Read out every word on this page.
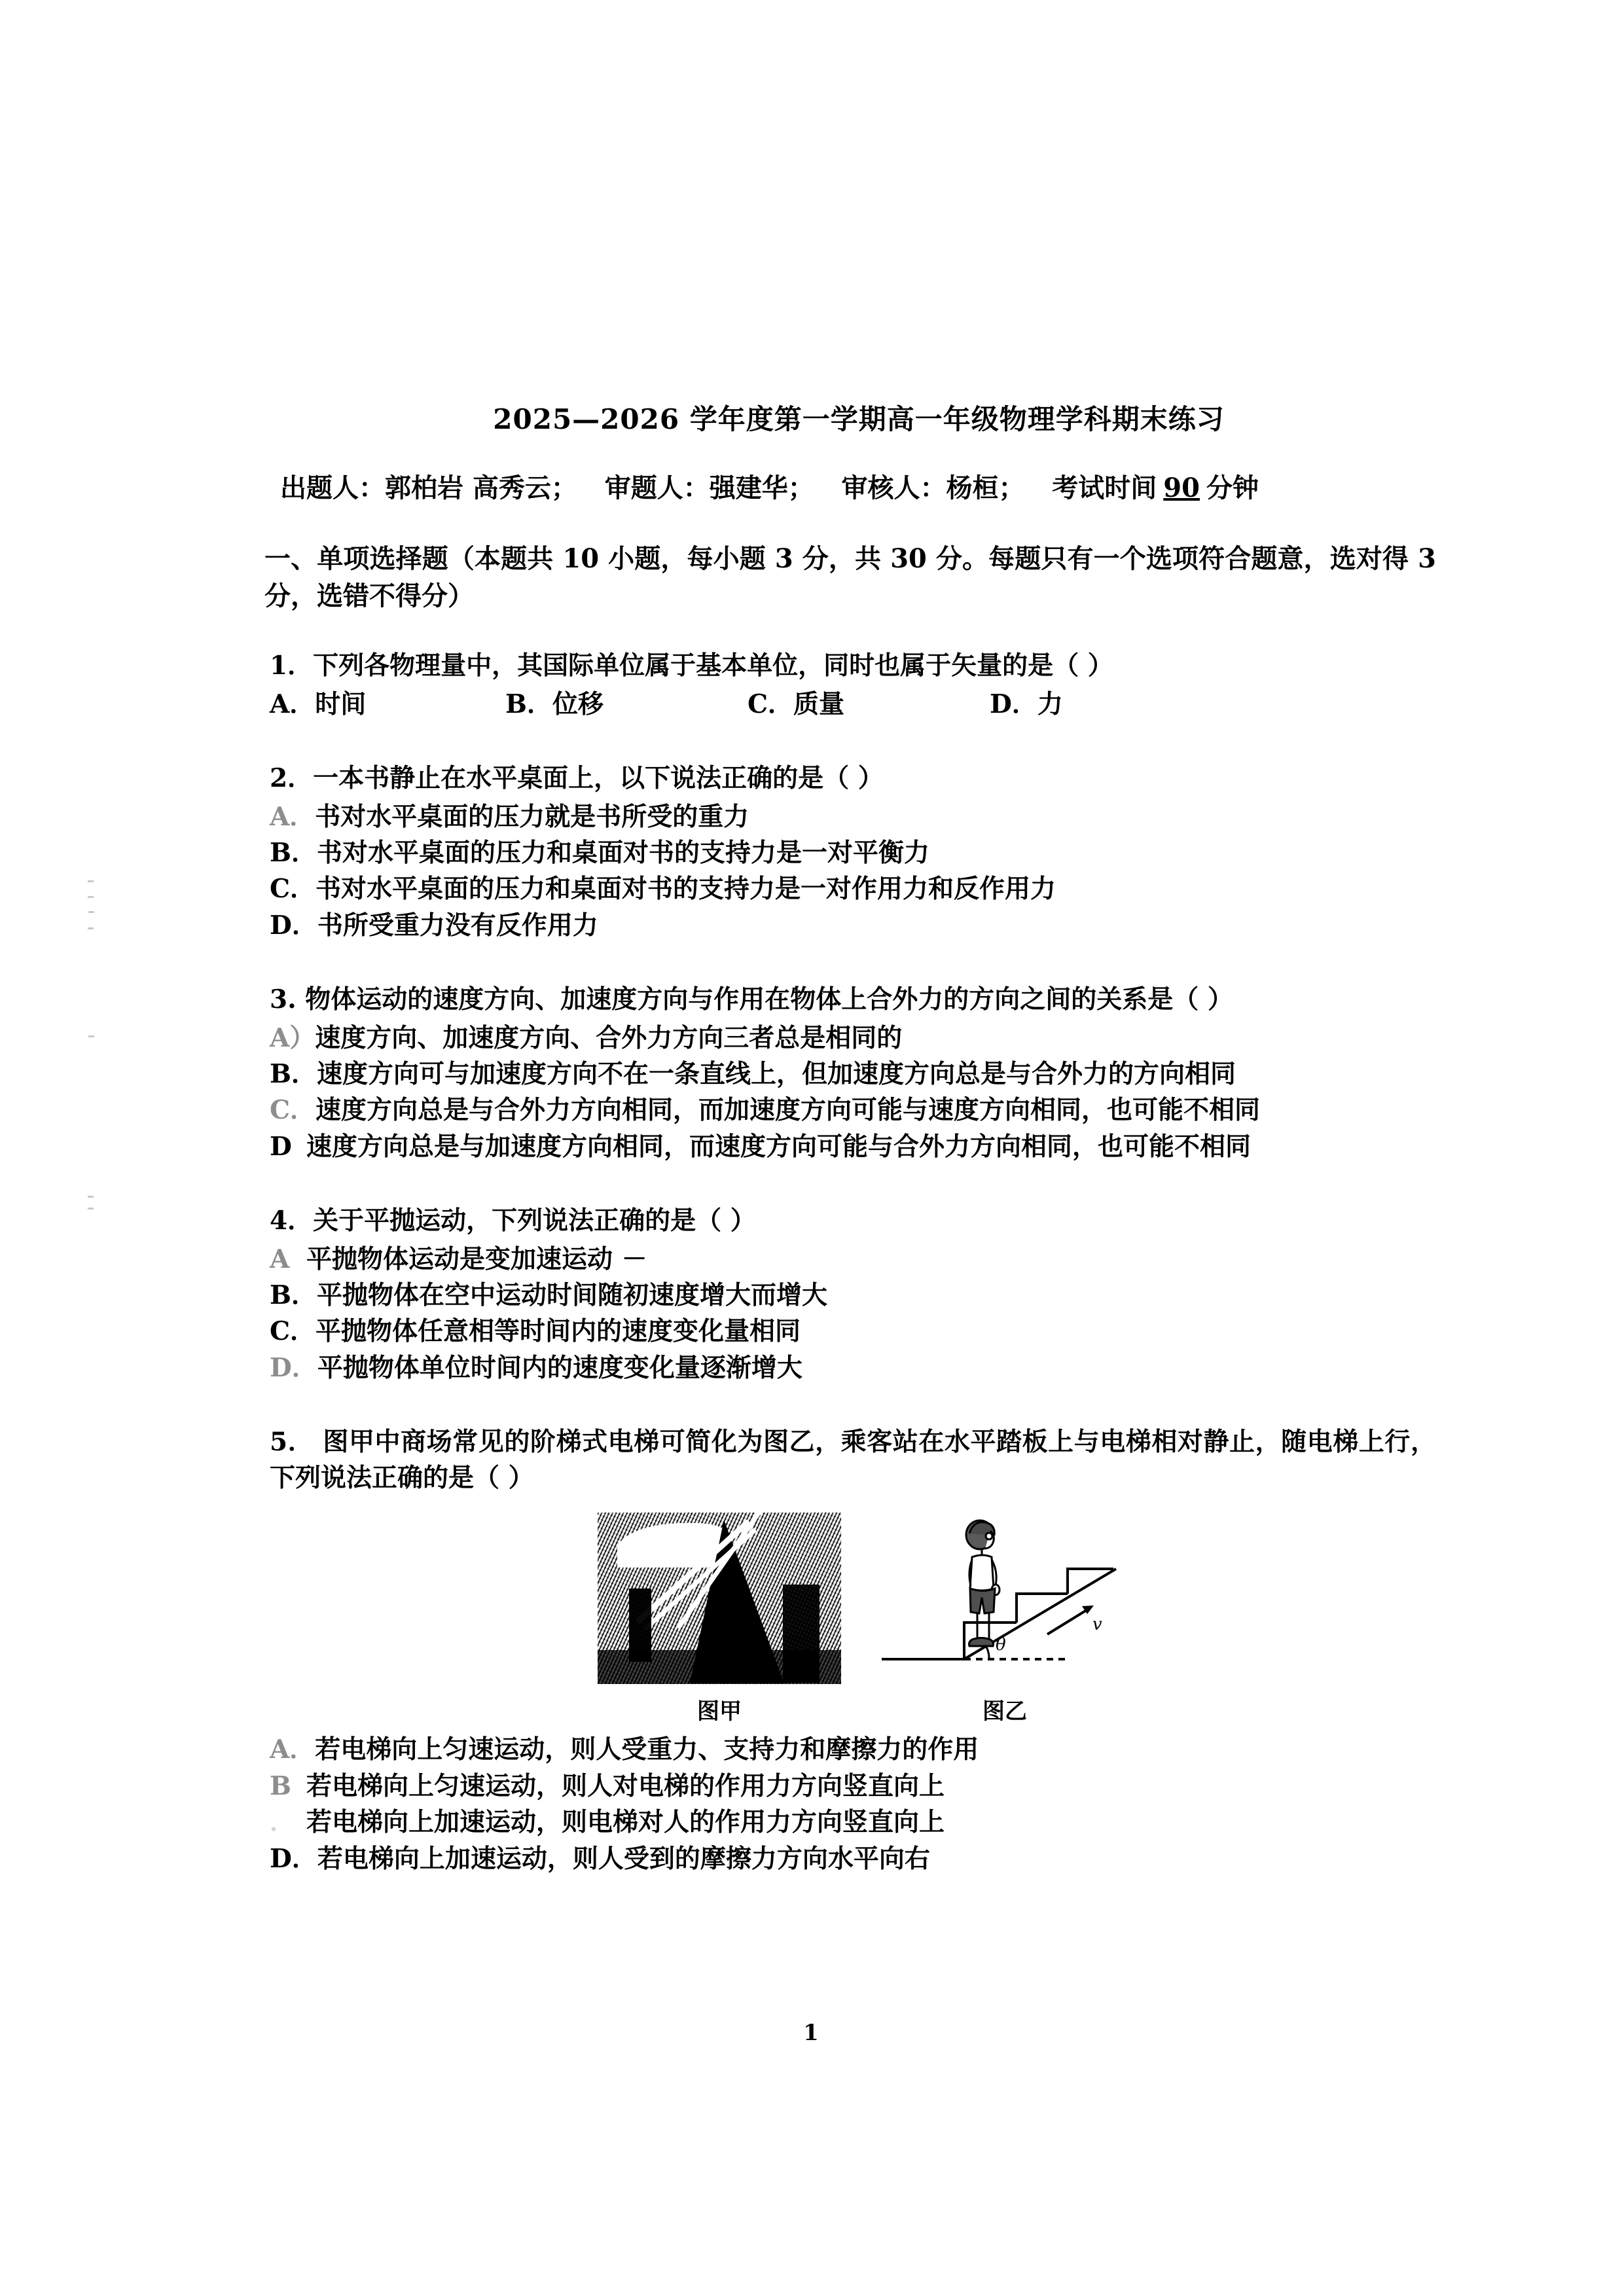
2025—2026 学年度第一学期高一年级物理学科期末练习
出题人：郭柏岩 高秀云； 审题人：强建华； 审核人：杨桓； 考试时间 90 分钟
一、单项选择题（本题共 10 小题，每小题 3 分，共 30 分。每题只有一个选项符合题意，选对得 3 分，选错不得分）
1．下列各物理量中，其国际单位属于基本单位，同时也属于矢量的是（ ）
A．时间	B．位移	C．质量	D．力
2．一本书静止在水平桌面上，以下说法正确的是（ ）
A．书对水平桌面的压力就是书所受的重力
B．书对水平桌面的压力和桌面对书的支持力是一对平衡力
C．书对水平桌面的压力和桌面对书的支持力是一对作用力和反作用力
D．书所受重力没有反作用力
3. 物体运动的速度方向、加速度方向与作用在物体上合外力的方向之间的关系是（ ）
A）速度方向、加速度方向、合外力方向三者总是相同的
B．速度方向可与加速度方向不在一条直线上，但加速度方向总是与合外力的方向相同
C．速度方向总是与合外力方向相同，而加速度方向可能与速度方向相同，也可能不相同
D 速度方向总是与加速度方向相同，而速度方向可能与合外力方向相同，也可能不相同
4．关于平抛运动，下列说法正确的是（ ）
A 平抛物体运动是变加速运动 －
B．平抛物体在空中运动时间随初速度增大而增大
C．平抛物体任意相等时间内的速度变化量相同
D．平抛物体单位时间内的速度变化量逐渐增大
5． 图甲中商场常见的阶梯式电梯可简化为图乙，乘客站在水平踏板上与电梯相对静止，随电梯上行，下列说法正确的是（ ）
图甲
θ
v
图乙
A．若电梯向上匀速运动，则人受重力、支持力和摩擦力的作用
B 若电梯向上匀速运动，则人对电梯的作用力方向竖直向上
． 若电梯向上加速运动，则电梯对人的作用力方向竖直向上
D．若电梯向上加速运动，则人受到的摩擦力方向水平向右
1
